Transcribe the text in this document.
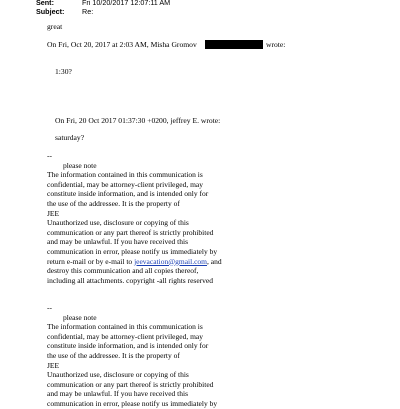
Sent:	Fri 10/20/2017 12:07:11 AM
Subject: Re:
great
On Fri, Oct 20, 2017 at 2:03 AM, Misha Gromov	wrote:
1:30?
On Fri, 20 Oct 2017 01:37:30 +0200, jeffrey E. wrote:
saturday?
--
please note
The information contained in this communication is
confidential, may be attorney-client privileged, may
constitute inside information, and is intended only for
the use of the addressee. It is the property of
JEE
Unauthorized use, disclosure or copying of this
communication or any part thereof is strictly prohibited
and may be unlawful. If you have received this
communication in error, please notify us immediately by
return e-mail or by e-mail to jeevacation@gmail.com, and
destroy this communication and all copies thereof,
including all attachments. copyright -all rights reserved
--
please note
The information contained in this communication is
confidential, may be attorney-client privileged, may
constitute inside information, and is intended only for
the use of the addressee. It is the property of
JEE
Unauthorized use, disclosure or copying of this
communication or any part thereof is strictly prohibited
and may be unlawful. If you have received this
communication in error, please notify us immediately by
